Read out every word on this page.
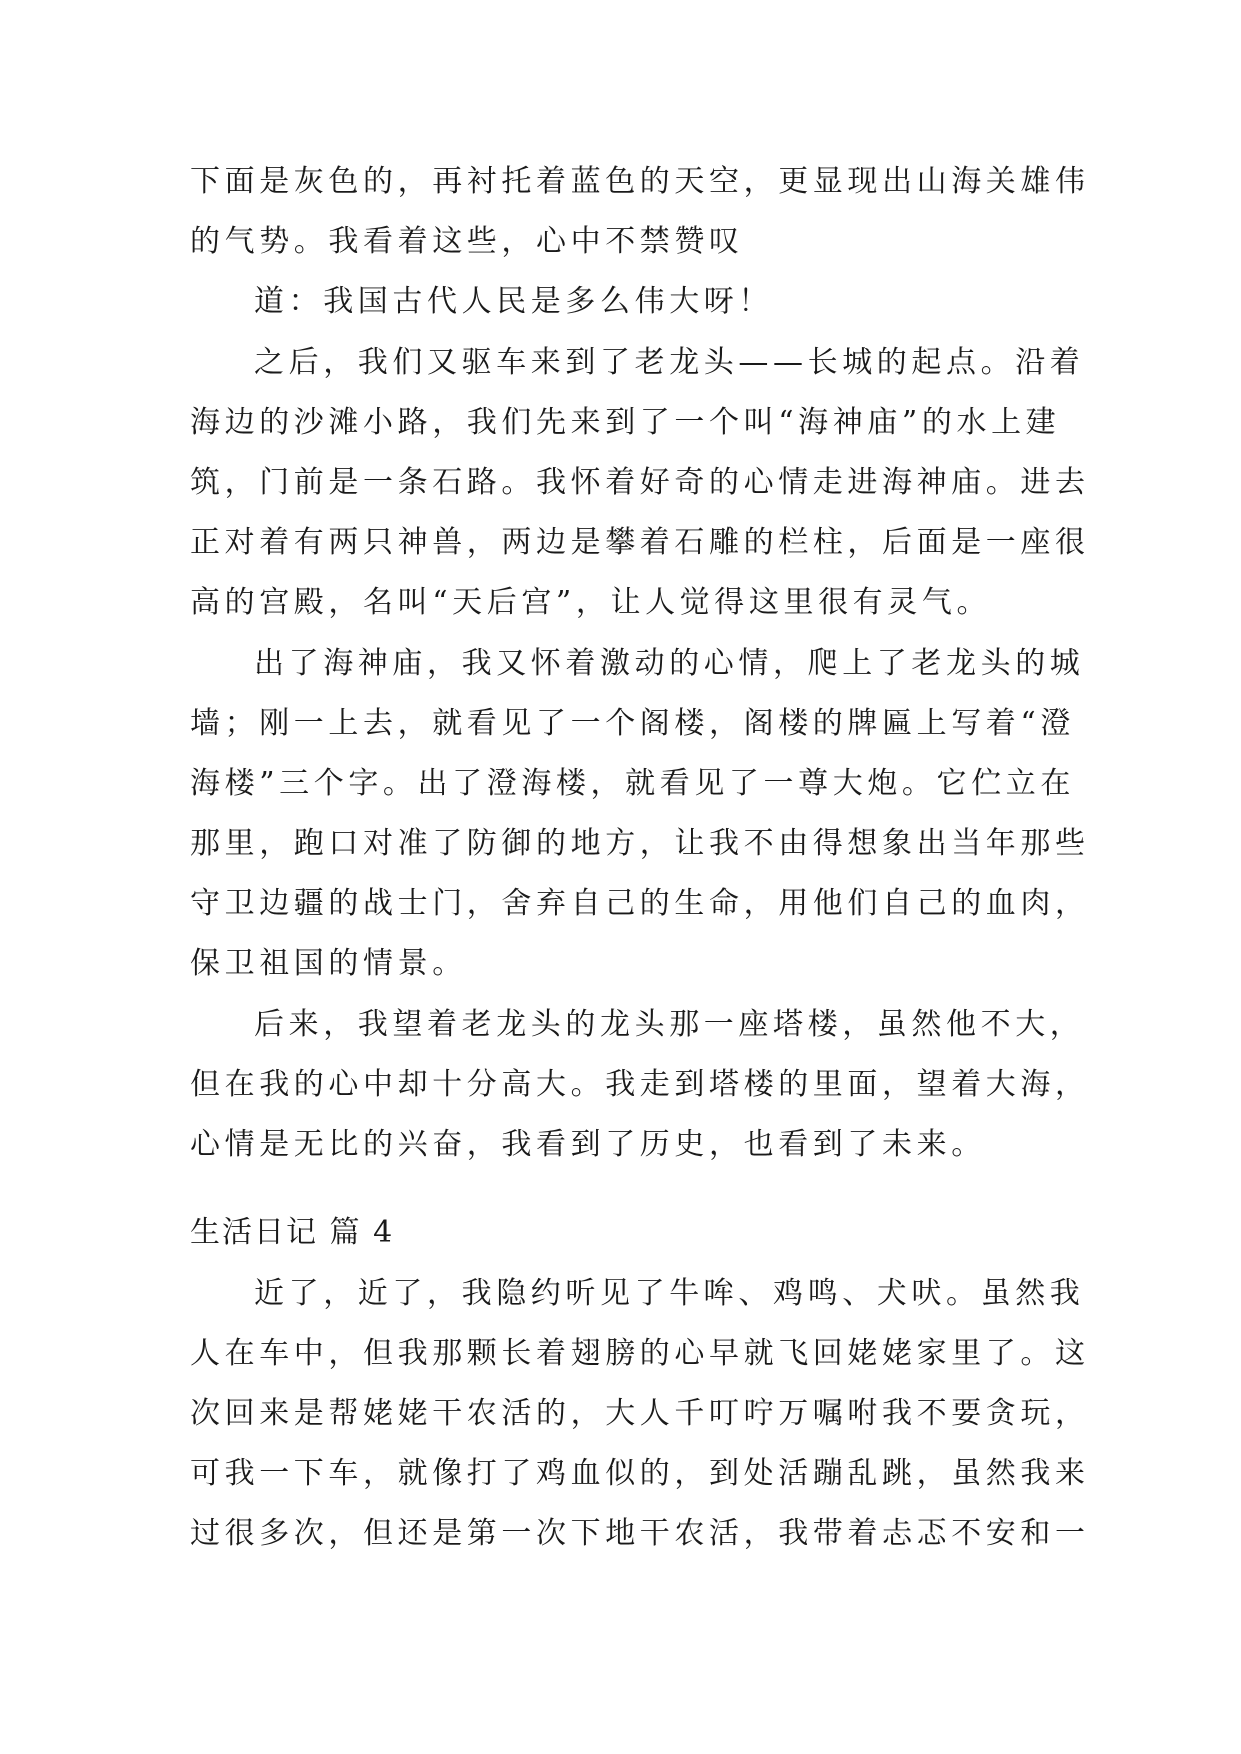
下面是灰色的，再衬托着蓝色的天空，更显现出山海关雄伟

的气势。我看着这些，心中不禁赞叹

道：我国古代人民是多么伟大呀！

之后，我们又驱车来到了老龙头——长城的起点。沿着

海边的沙滩小路，我们先来到了一个叫“海神庙”的水上建

筑，门前是一条石路。我怀着好奇的心情走进海神庙。进去

正对着有两只神兽，两边是攀着石雕的栏柱，后面是一座很

高的宫殿，名叫“天后宫”，让人觉得这里很有灵气。

出了海神庙，我又怀着激动的心情，爬上了老龙头的城

墙；刚一上去，就看见了一个阁楼，阁楼的牌匾上写着“澄

海楼”三个字。出了澄海楼，就看见了一尊大炮。它伫立在

那里，跑口对准了防御的地方，让我不由得想象出当年那些

守卫边疆的战士门，舍弃自己的生命，用他们自己的血肉，

保卫祖国的情景。

后来，我望着老龙头的龙头那一座塔楼，虽然他不大，

但在我的心中却十分高大。我走到塔楼的里面，望着大海，

心情是无比的兴奋，我看到了历史，也看到了未来。

生活日记 篇 4

近了，近了，我隐约听见了牛哞、鸡鸣、犬吠。虽然我

人在车中，但我那颗长着翅膀的心早就飞回姥姥家里了。这

次回来是帮姥姥干农活的，大人千叮咛万嘱咐我不要贪玩，

可我一下车，就像打了鸡血似的，到处活蹦乱跳，虽然我来

过很多次，但还是第一次下地干农活，我带着忐忑不安和一
